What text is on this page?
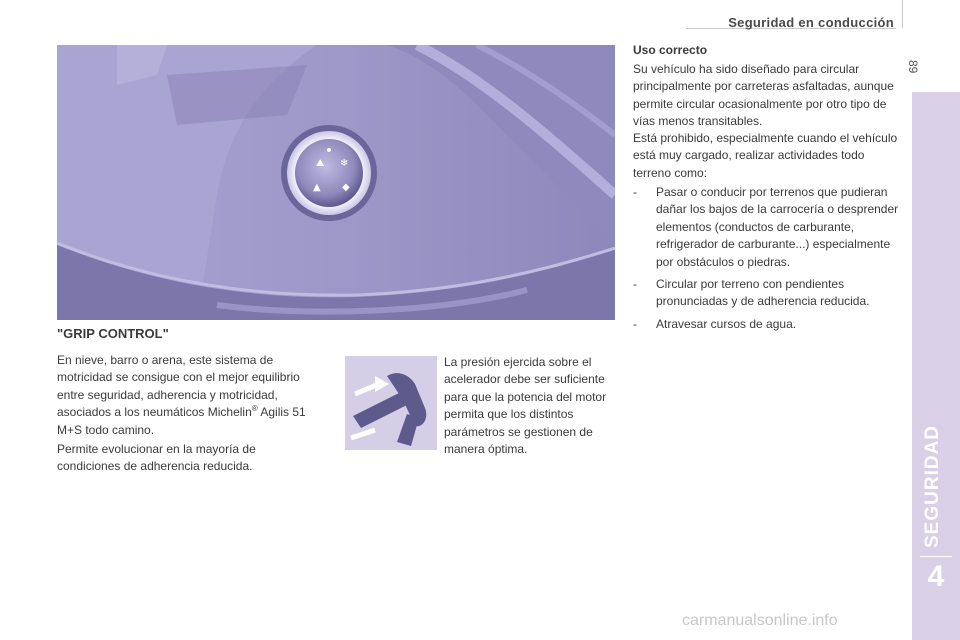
Seguridad en conducción
89
SEGURIDAD
4
⛰ ❄
▲ ◆
"GRIP CONTROL"

En nieve, barro o arena, este sistema de motricidad se consigue con el mejor equilibrio entre seguridad, adherencia y motricidad, asociados a los neumáticos Michelin® Agilis 51 M+S todo camino.

Permite evolucionar en la mayoría de condiciones de adherencia reducida.

La presión ejercida sobre el acelerador debe ser suficiente para que la potencia del motor permita que los distintos parámetros se gestionen de manera óptima.

Uso correcto

Su vehículo ha sido diseñado para circular principalmente por carreteras asfaltadas, aunque permite circular ocasionalmente por otro tipo de vías menos transitables.

Está prohibido, especialmente cuando el vehículo está muy cargado, realizar actividades todo terreno como:

- Pasar o conducir por terrenos que pudieran dañar los bajos de la carrocería o desprender elementos (conductos de carburante, refrigerador de carburante...) especialmente por obstáculos o piedras.
- Circular por terreno con pendientes pronunciadas y de adherencia reducida.
- Atravesar cursos de agua.
carmanualsonline.info
